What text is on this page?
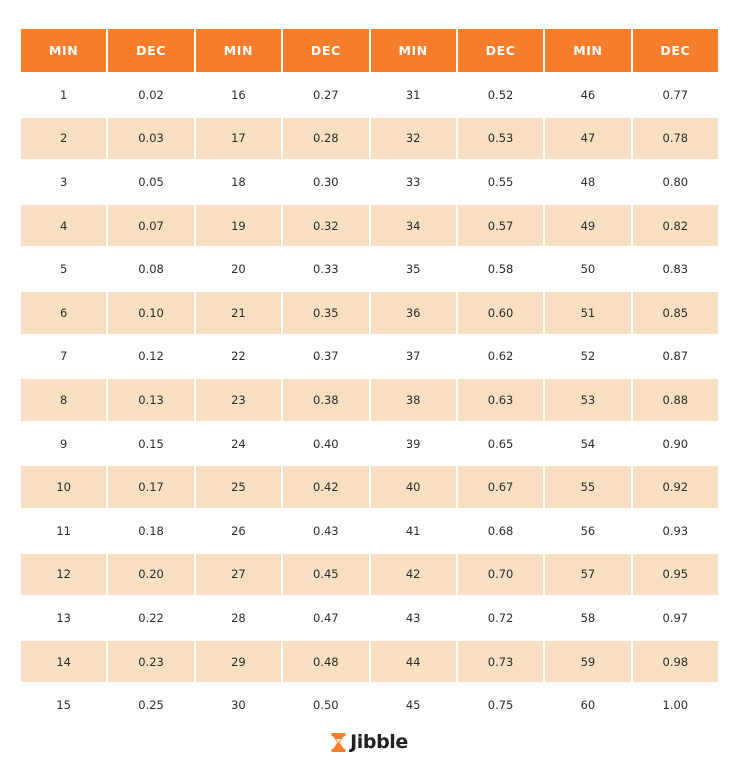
MIN	DEC	MIN	DEC	MIN	DEC	MIN	DEC
1	0.02	16	0.27	31	0.52	46	0.77
2	0.03	17	0.28	32	0.53	47	0.78
3	0.05	18	0.30	33	0.55	48	0.80
4	0.07	19	0.32	34	0.57	49	0.82
5	0.08	20	0.33	35	0.58	50	0.83
6	0.10	21	0.35	36	0.60	51	0.85
7	0.12	22	0.37	37	0.62	52	0.87
8	0.13	23	0.38	38	0.63	53	0.88
9	0.15	24	0.40	39	0.65	54	0.90
10	0.17	25	0.42	40	0.67	55	0.92
11	0.18	26	0.43	41	0.68	56	0.93
12	0.20	27	0.45	42	0.70	57	0.95
13	0.22	28	0.47	43	0.72	58	0.97
14	0.23	29	0.48	44	0.73	59	0.98
15	0.25	30	0.50	45	0.75	60	1.00
Jibble
